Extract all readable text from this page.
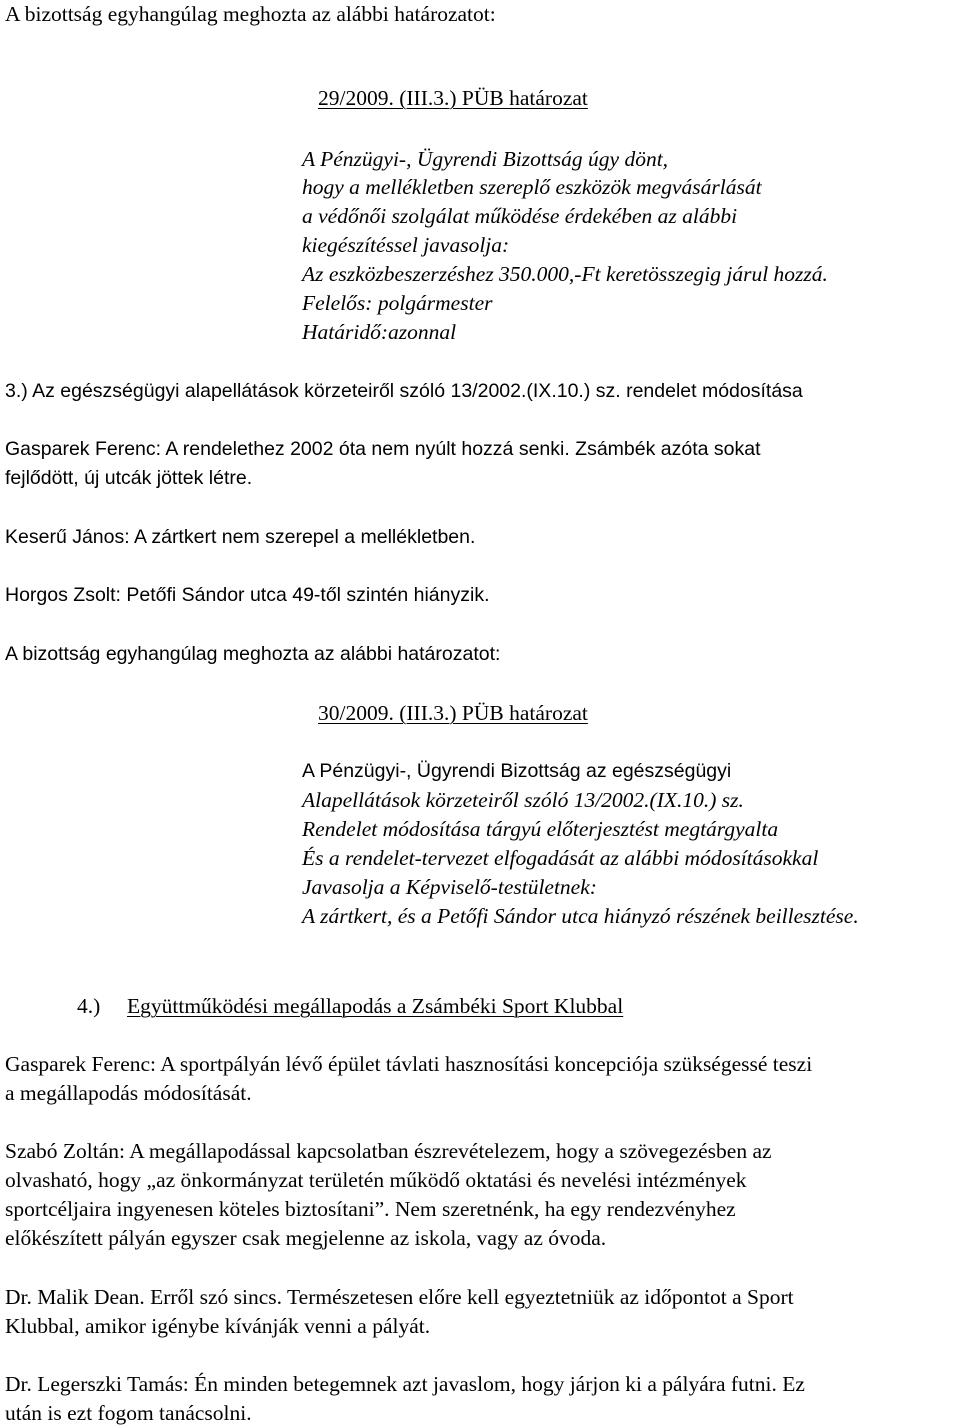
A bizottság egyhangúlag meghozta az alábbi határozatot:
29/2009. (III.3.) PÜB határozat
A Pénzügyi-, Ügyrendi Bizottság úgy dönt,
hogy a mellékletben szereplő eszközök megvásárlását
a védőnői szolgálat működése érdekében az alábbi
kiegészítéssel javasolja:
Az eszközbeszerzéshez 350.000,-Ft keretösszegig járul hozzá.
Felelős: polgármester
Határidő:azonnal
3.) Az egészségügyi alapellátások körzeteiről szóló 13/2002.(IX.10.) sz. rendelet módosítása
Gasparek Ferenc: A rendelethez 2002 óta nem nyúlt hozzá senki. Zsámbék azóta sokat
fejlődött, új utcák jöttek létre.
Keserű János: A zártkert nem szerepel a mellékletben.
Horgos Zsolt: Petőfi Sándor utca 49-től szintén hiányzik.
A bizottság egyhangúlag meghozta az alábbi határozatot:
30/2009. (III.3.) PÜB határozat
A Pénzügyi-, Ügyrendi Bizottság az egészségügyi
Alapellátások körzeteiről szóló 13/2002.(IX.10.) sz.
Rendelet módosítása tárgyú előterjesztést megtárgyalta
És a rendelet-tervezet elfogadását az alábbi módosításokkal
Javasolja a Képviselő-testületnek:
A zártkert, és a Petőfi Sándor utca hiányzó részének beillesztése.
4.) Együttműködési megállapodás a Zsámbéki Sport Klubbal
Gasparek Ferenc: A sportpályán lévő épület távlati hasznosítási koncepciója szükségessé teszi
a megállapodás módosítását.
Szabó Zoltán: A megállapodással kapcsolatban észrevételezem, hogy a szövegezésben az
olvasható, hogy „az önkormányzat területén működő oktatási és nevelési intézmények
sportcéljaira ingyenesen köteles biztosítani”. Nem szeretnénk, ha egy rendezvényhez
előkészített pályán egyszer csak megjelenne az iskola, vagy az óvoda.
Dr. Malik Dean. Erről szó sincs. Természetesen előre kell egyeztetniük az időpontot a Sport
Klubbal, amikor igénybe kívánják venni a pályát.
Dr. Legerszki Tamás: Én minden betegemnek azt javaslom, hogy járjon ki a pályára futni. Ez
után is ezt fogom tanácsolni.
